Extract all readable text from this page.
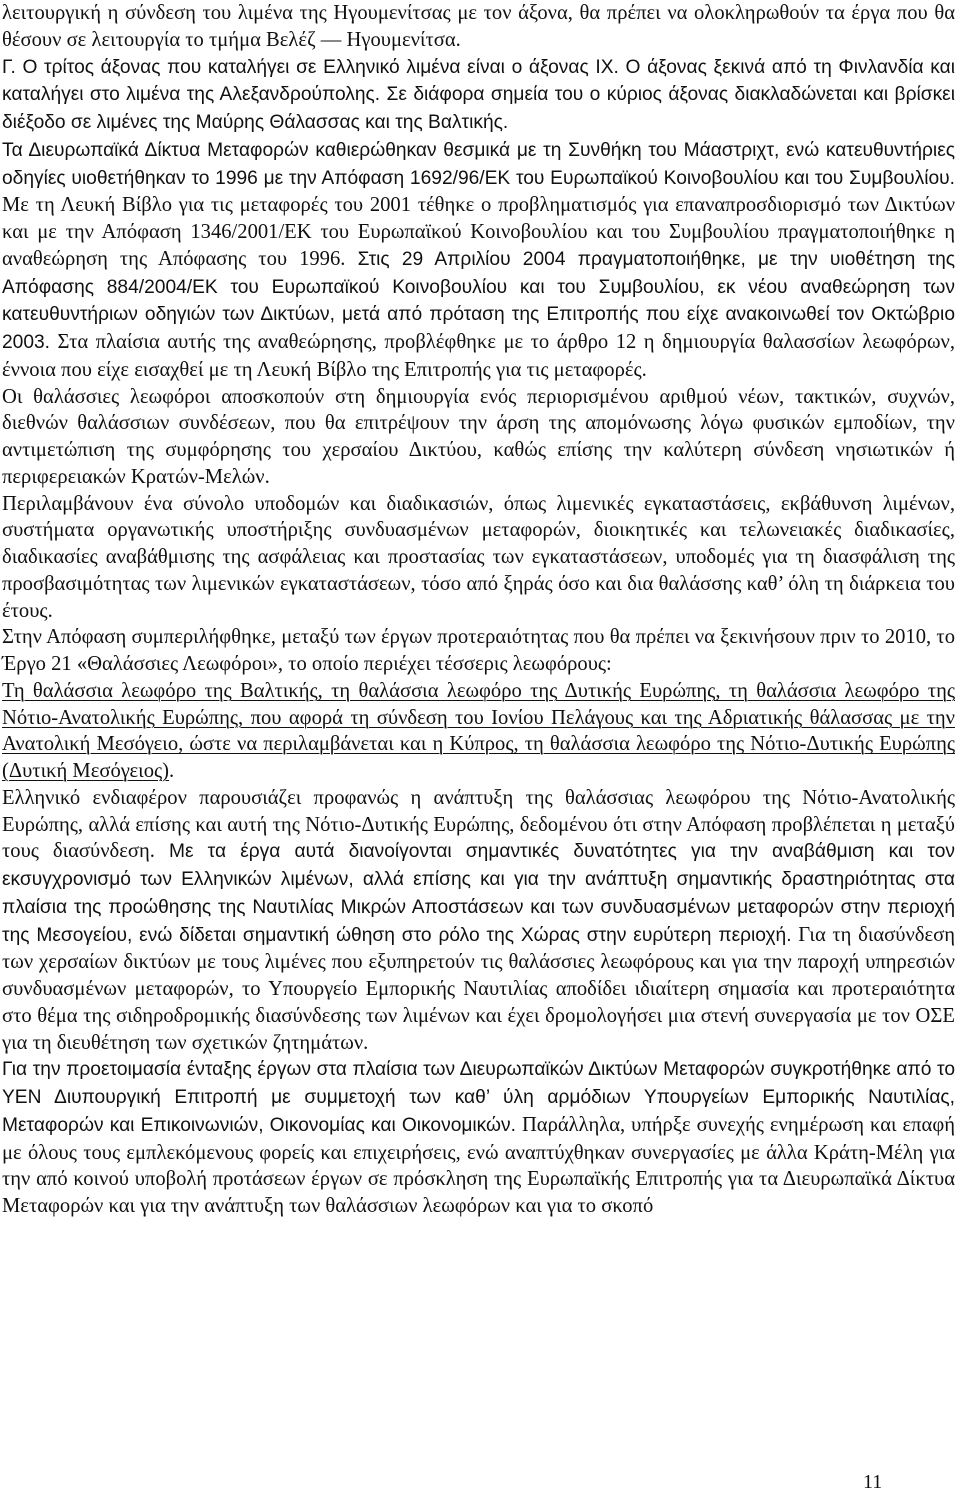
λειτουργική η σύνδεση του λιμένα της Ηγουμενίτσας με τον άξονα, θα πρέπει να ολοκληρωθούν τα έργα που θα θέσουν σε λειτουργία το τμήμα Βελέζ — Ηγουμενίτσα.

Γ. Ο τρίτος άξονας που καταλήγει σε Ελληνικό λιμένα είναι ο άξονας ΙΧ. Ο άξονας ξεκινά από τη Φινλανδία και καταλήγει στο λιμένα της Αλεξανδρούπολης. Σε διάφορα σημεία του ο κύριος άξονας διακλαδώνεται και βρίσκει διέξοδο σε λιμένες της Μαύρης Θάλασσας και της Βαλτικής.

Τα Διευρωπαϊκά Δίκτυα Μεταφορών καθιερώθηκαν θεσμικά με τη Συνθήκη του Μάαστριχτ, ενώ κατευθυντήριες οδηγίες υιοθετήθηκαν το 1996 με την Απόφαση 1692/96/ΕΚ του Ευρωπαϊκού Κοινοβουλίου και του Συμβουλίου. Με τη Λευκή Βίβλο για τις μεταφορές του 2001 τέθηκε ο προβληματισμός για επαναπροσδιορισμό των Δικτύων και με την Απόφαση 1346/2001/ΕΚ του Ευρωπαϊκού Κοινοβουλίου και του Συμβουλίου πραγματοποιήθηκε η αναθεώρηση της Απόφασης του 1996. Στις 29 Απριλίου 2004 πραγματοποιήθηκε, με την υιοθέτηση της Απόφασης 884/2004/ΕΚ του Ευρωπαϊκού Κοινοβουλίου και του Συμβουλίου, εκ νέου αναθεώρηση των κατευθυντήριων οδηγιών των Δικτύων, μετά από πρόταση της Επιτροπής που είχε ανακοινωθεί τον Οκτώβριο 2003. Στα πλαίσια αυτής της αναθεώρησης, προβλέφθηκε με το άρθρο 12 η δημιουργία θαλασσίων λεωφόρων, έννοια που είχε εισαχθεί με τη Λευκή Βίβλο της Επιτροπής για τις μεταφορές.

Οι θαλάσσιες λεωφόροι αποσκοπούν στη δημιουργία ενός περιορισμένου αριθμού νέων, τακτικών, συχνών, διεθνών θαλάσσιων συνδέσεων, που θα επιτρέψουν την άρση της απομόνωσης λόγω φυσικών εμποδίων, την αντιμετώπιση της συμφόρησης του χερσαίου Δικτύου, καθώς επίσης την καλύτερη σύνδεση νησιωτικών ή περιφερειακών Κρατών-Μελών.

Περιλαμβάνουν ένα σύνολο υποδομών και διαδικασιών, όπως λιμενικές εγκαταστάσεις, εκβάθυνση λιμένων, συστήματα οργανωτικής υποστήριξης συνδυασμένων μεταφορών, διοικητικές και τελωνειακές διαδικασίες, διαδικασίες αναβάθμισης της ασφάλειας και προστασίας των εγκαταστάσεων, υποδομές για τη διασφάλιση της προσβασιμότητας των λιμενικών εγκαταστάσεων, τόσο από ξηράς όσο και δια θαλάσσης καθ’ όλη τη διάρκεια του έτους.

Στην Απόφαση συμπεριλήφθηκε, μεταξύ των έργων προτεραιότητας που θα πρέπει να ξεκινήσουν πριν το 2010, το Έργο 21 «Θαλάσσιες Λεωφόροι», το οποίο περιέχει τέσσερις λεωφόρους:

Τη θαλάσσια λεωφόρο της Βαλτικής, τη θαλάσσια λεωφόρο της Δυτικής Ευρώπης, τη θαλάσσια λεωφόρο της Νότιο-Ανατολικής Ευρώπης, που αφορά τη σύνδεση του Ιονίου Πελάγους και της Αδριατικής θάλασσας με την Ανατολική Μεσόγειο, ώστε να περιλαμβάνεται και η Κύπρος, τη θαλάσσια λεωφόρο της Νότιο-Δυτικής Ευρώπης (Δυτική Μεσόγειος).

Ελληνικό ενδιαφέρον παρουσιάζει προφανώς η ανάπτυξη της θαλάσσιας λεωφόρου της Νότιο-Ανατολικής Ευρώπης, αλλά επίσης και αυτή της Νότιο-Δυτικής Ευρώπης, δεδομένου ότι στην Απόφαση προβλέπεται η μεταξύ τους διασύνδεση. Με τα έργα αυτά διανοίγονται σημαντικές δυνατότητες για την αναβάθμιση και τον εκσυγχρονισμό των Ελληνικών λιμένων, αλλά επίσης και για την ανάπτυξη σημαντικής δραστηριότητας στα πλαίσια της προώθησης της Ναυτιλίας Μικρών Αποστάσεων και των συνδυασμένων μεταφορών στην περιοχή της Μεσογείου, ενώ δίδεται σημαντική ώθηση στο ρόλο της Χώρας στην ευρύτερη περιοχή. Για τη διασύνδεση των χερσαίων δικτύων με τους λιμένες που εξυπηρετούν τις θαλάσσιες λεωφόρους και για την παροχή υπηρεσιών συνδυασμένων μεταφορών, το Υπουργείο Εμπορικής Ναυτιλίας αποδίδει ιδιαίτερη σημασία και προτεραιότητα στο θέμα της σιδηροδρομικής διασύνδεσης των λιμένων και έχει δρομολογήσει μια στενή συνεργασία με τον ΟΣΕ για τη διευθέτηση των σχετικών ζητημάτων.

Για την προετοιμασία ένταξης έργων στα πλαίσια των Διευρωπαϊκών Δικτύων Μεταφορών συγκροτήθηκε από το ΥΕΝ Διυπουργική Επιτροπή με συμμετοχή των καθ’ ύλη αρμόδιων Υπουργείων Εμπορικής Ναυτιλίας, Μεταφορών και Επικοινωνιών, Οικονομίας και Οικονομικών. Παράλληλα, υπήρξε συνεχής ενημέρωση και επαφή με όλους τους εμπλεκόμενους φορείς και επιχειρήσεις, ενώ αναπτύχθηκαν συνεργασίες με άλλα Κράτη-Μέλη για την από κοινού υποβολή προτάσεων έργων σε πρόσκληση της Ευρωπαϊκής Επιτροπής για τα Διευρωπαϊκά Δίκτυα Μεταφορών και για την ανάπτυξη των θαλάσσιων λεωφόρων και για το σκοπό

11
